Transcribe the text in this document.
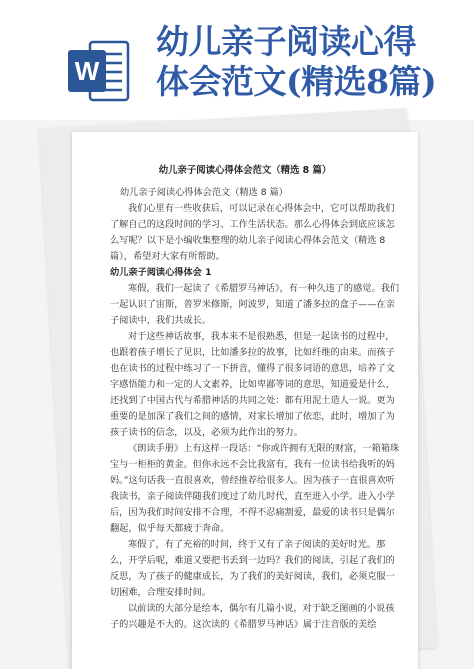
W
幼儿亲子阅读心得
体会范文(精选8篇)
幼儿亲子阅读心得体会范文（精选 8 篇）

幼儿亲子阅读心得体会范文（精选 8 篇）

我们心里有一些收获后，可以记录在心得体会中，它可以帮助我们了解自己的这段时间的学习、工作生活状态。那么心得体会到底应该怎么写呢？以下是小编收集整理的幼儿亲子阅读心得体会范文（精选 8 篇），希望对大家有所帮助。

幼儿亲子阅读心得体会 1

寒假，我们一起读了《希腊罗马神话》，有一种久违了的感觉。我们一起认识了宙斯，普罗米修斯，阿波罗，知道了潘多拉的盒子——在亲子阅读中，我们共成长。

对于这些神话故事，我本来不是很熟悉，但是一起读书的过程中，也跟着孩子增长了见识，比如潘多拉的故事，比如纤维的由来。而孩子也在读书的过程中练习了一下拼音，懂得了很多词语的意思，培养了文字感悟能力和一定的人文素养，比如卑鄙等词的意思，知道爱是什么，还找到了中国古代与希腊神话的共同之处：都有用泥土造人一说。更为重要的是加深了我们之间的感情，对家长增加了依恋，此时，增加了为孩子读书的信念，以及，必须为此作出的努力。

《朗读手册》上有这样一段话：“你或许拥有无限的财富，一箱箱珠宝与一柜柜的黄金。但你永远不会比我富有，我有一位读书给我听的妈妈。”这句话我一直很喜欢，曾经推荐给很多人。因为孩子一直很喜欢听我读书，亲子阅读伴随我们度过了幼儿时代，直至进入小学。进入小学后，因为我们时间安排不合理，不得不忍痛割爱，最爱的读书只是偶尔翻起，似乎每天都疲于奔命。

寒假了，有了充裕的时间，终于又有了亲子阅读的美好时光。那么，开学后呢，难道又要把书丢到一边吗？我们的阅读，引起了我们的反思，为了孩子的健康成长，为了我们的美好阅读，我们，必须克服一切困难，合理安排时间。

以前读的大部分是绘本，偶尔有几篇小说，对于缺乏图画的小说孩子的兴趣是不大的。这次读的《希腊罗马神话》属于注音版的美绘
